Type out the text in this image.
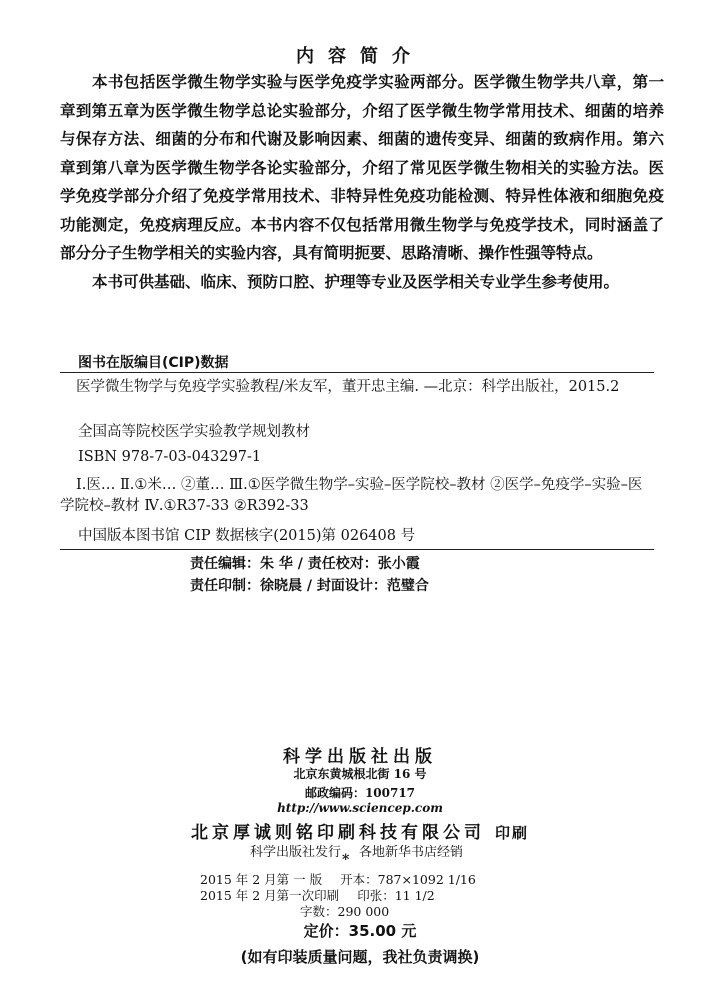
内容简介
本书包括医学微生物学实验与医学免疫学实验两部分。医学微生物学共八章，第一章到第五章为医学微生物学总论实验部分，介绍了医学微生物学常用技术、细菌的培养与保存方法、细菌的分布和代谢及影响因素、细菌的遗传变异、细菌的致病作用。第六章到第八章为医学微生物学各论实验部分，介绍了常见医学微生物相关的实验方法。医学免疫学部分介绍了免疫学常用技术、非特异性免疫功能检测、特异性体液和细胞免疫功能测定，免疫病理反应。本书内容不仅包括常用微生物学与免疫学技术，同时涵盖了部分分子生物学相关的实验内容，具有简明扼要、思路清晰、操作性强等特点。
本书可供基础、临床、预防口腔、护理等专业及医学相关专业学生参考使用。
图书在版编目(CIP)数据
医学微生物学与免疫学实验教程/米友军，董开忠主编. —北京：科学出版社，2015.2
全国高等院校医学实验教学规划教材
ISBN 978-7-03-043297-1
Ⅰ.医… Ⅱ.①米… ②董… Ⅲ.①医学微生物学–实验–医学院校–教材 ②医学–免疫学–实验–医学院校–教材 Ⅳ.①R37-33 ②R392-33
中国版本图书馆 CIP 数据核字(2015)第 026408 号
责任编辑：朱 华 / 责任校对：张小霞
责任印制：徐晓晨 / 封面设计：范璧合
科学出版社出版
北京东黄城根北街 16 号
邮政编码：100717
http://www.sciencep.com
北京厚诚则铭印刷科技有限公司 印刷
科学出版社发行 各地新华书店经销
*
2015 年 2 月第 一 版 开本：787×1092 1/16
2015 年 2 月第一次印刷 印张：11 1/2
字数：290 000
定价：35.00 元
(如有印装质量问题，我社负责调换)
